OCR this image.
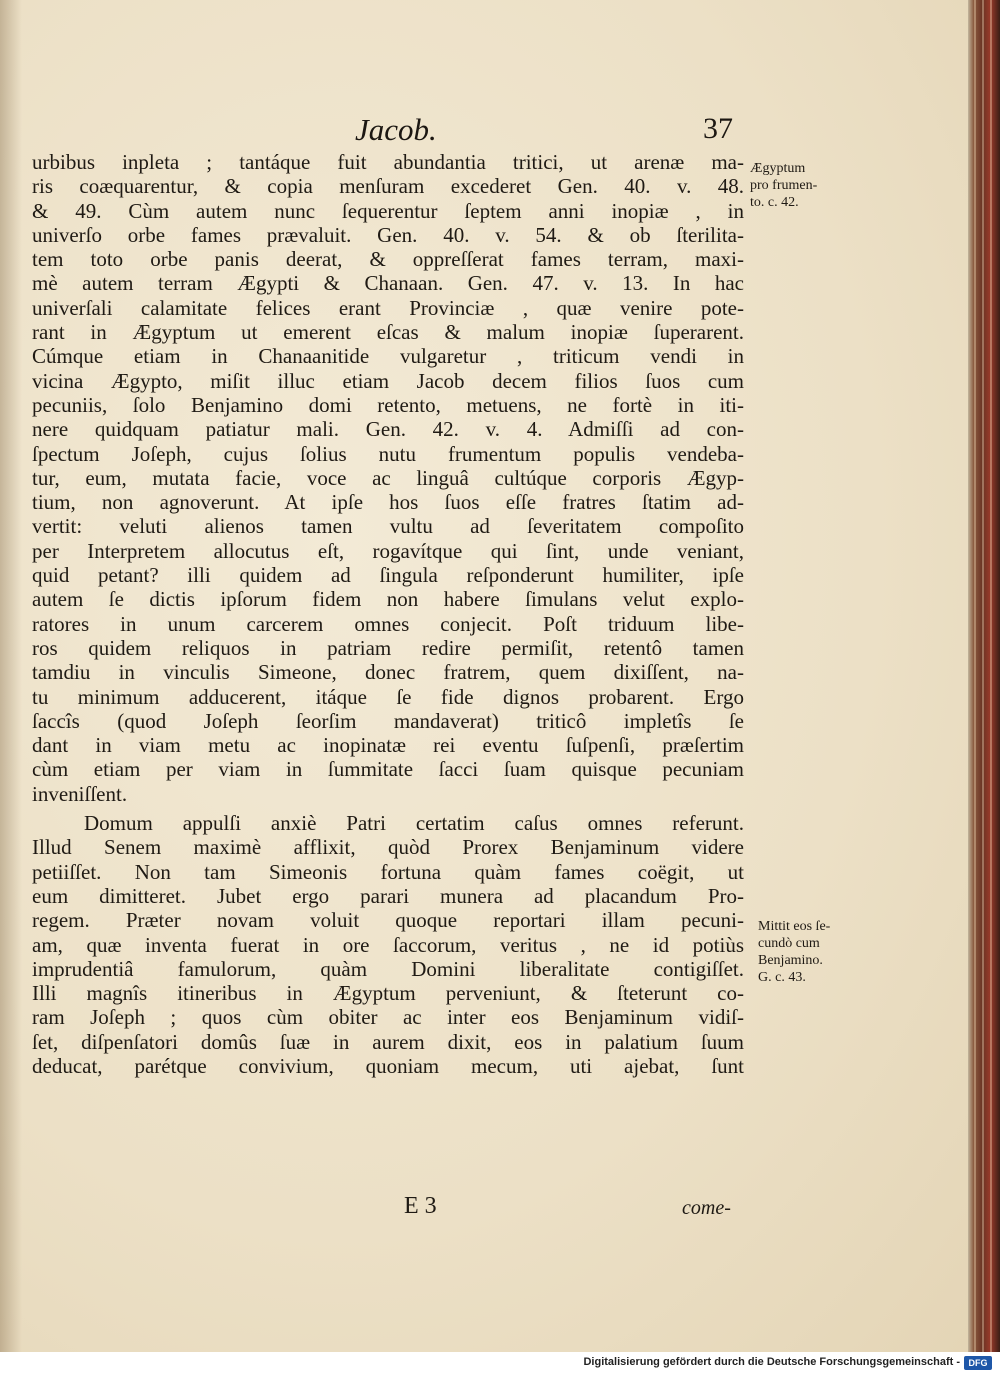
Jacob.	37
urbibus inpleta ; tantáque fuit abundantia tritici, ut arenæ ma-
ris coæquarentur, & copia menſuram excederet Gen. 40. v. 48.
& 49. Cùm autem nunc ſequerentur ſeptem anni inopiæ , in
univerſo orbe fames prævaluit. Gen. 40. v. 54. & ob ſterilita-
tem toto orbe panis deerat, & oppreſſerat fames terram, maxi-
mè autem terram Ægypti & Chanaan. Gen. 47. v. 13. In hac
univerſali calamitate felices erant Provinciæ , quæ venire pote-
rant in Ægyptum ut emerent eſcas & malum inopiæ ſuperarent.
Cúmque etiam in Chanaanitide vulgaretur , triticum vendi in
vicina Ægypto, miſit illuc etiam Jacob decem filios ſuos cum
pecuniis, ſolo Benjamino domi retento, metuens, ne fortè in iti-
nere quidquam patiatur mali. Gen. 42. v. 4. Admiſſi ad con-
ſpectum Joſeph, cujus ſolius nutu frumentum populis vendeba-
tur, eum, mutata facie, voce ac linguâ cultúque corporis Ægyp-
tium, non agnoverunt. At ipſe hos ſuos eſſe fratres ſtatim ad-
vertit: veluti alienos tamen vultu ad ſeveritatem compoſito
per Interpretem allocutus eſt, rogavítque qui ſint, unde veniant,
quid petant? illi quidem ad ſingula reſponderunt humiliter, ipſe
autem ſe dictis ipſorum fidem non habere ſimulans velut explo-
ratores in unum carcerem omnes conjecit. Poſt triduum libe-
ros quidem reliquos in patriam redire permiſit, retentô tamen
tamdiu in vinculis Simeone, donec fratrem, quem dixiſſent, na-
tu minimum adducerent, itáque ſe fide dignos probarent. Ergo
ſaccîs (quod Joſeph ſeorſim mandaverat) triticô impletîs ſe
dant in viam metu ac inopinatæ rei eventu ſuſpenſi, præſertim
cùm etiam per viam in ſummitate ſacci ſuam quisque pecuniam
inveniſſent.
Domum appulſi anxiè Patri certatim caſus omnes referunt.
Illud Senem maximè afflixit, quòd Prorex Benjaminum videre
petiiſſet. Non tam Simeonis fortuna quàm fames coëgit, ut
eum dimitteret. Jubet ergo parari munera ad placandum Pro-
regem. Præter novam voluit quoque reportari illam pecuni-
am, quæ inventa fuerat in ore ſaccorum, veritus , ne id potiùs
imprudentiâ famulorum, quàm Domini liberalitate contigiſſet.
Illi magnîs itineribus in Ægyptum perveniunt, & ſteterunt co-
ram Joſeph ; quos cùm obiter ac inter eos Benjaminum vidiſ-
ſet, diſpenſatori domûs ſuæ in aurem dixit, eos in palatium ſuum
deducat, parétque convivium, quoniam mecum, uti ajebat, ſunt
Ægyptum
pro frumen-
to. c. 42.
Mittit eos ſe-
cundò cum
Benjamino.
G. c. 43.
E 3	come-
Digitalisierung gefördert durch die Deutsche Forschungsgemeinschaft - DFG
